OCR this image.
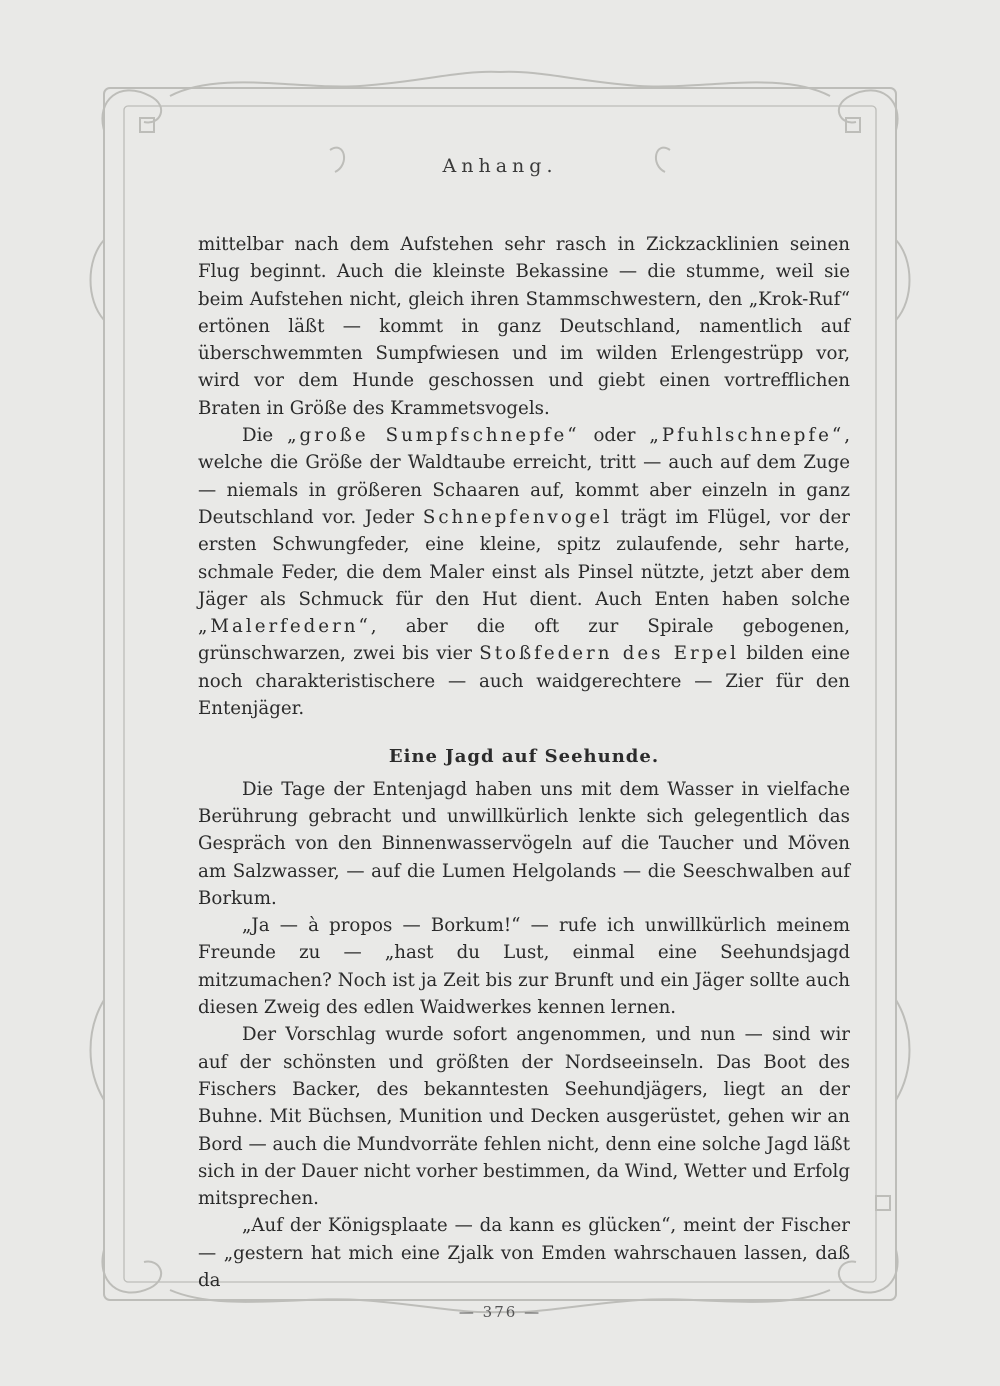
Anhang.

mittelbar nach dem Aufstehen sehr rasch in Zickzacklinien seinen Flug beginnt. Auch die kleinste Bekassine — die stumme, weil sie beim Aufstehen nicht, gleich ihren Stammschwestern, den „Krok-Ruf“ ertönen läßt — kommt in ganz Deutschland, namentlich auf überschwemmten Sumpfwiesen und im wilden Erlengestrüpp vor, wird vor dem Hunde geschossen und giebt einen vortrefflichen Braten in Größe des Krammetsvogels.

Die „große Sumpfschnepfe“ oder „Pfuhlschnepfe“, welche die Größe der Waldtaube erreicht, tritt — auch auf dem Zuge — niemals in größeren Schaaren auf, kommt aber einzeln in ganz Deutschland vor. Jeder Schnepfenvogel trägt im Flügel, vor der ersten Schwungfeder, eine kleine, spitz zulaufende, sehr harte, schmale Feder, die dem Maler einst als Pinsel nützte, jetzt aber dem Jäger als Schmuck für den Hut dient. Auch Enten haben solche „Malerfedern“, aber die oft zur Spirale gebogenen, grünschwarzen, zwei bis vier Stoßfedern des Erpel bilden eine noch charakteristischere — auch waidgerechtere — Zier für den Entenjäger.

Eine Jagd auf Seehunde.

Die Tage der Entenjagd haben uns mit dem Wasser in vielfache Berührung gebracht und unwillkürlich lenkte sich gelegentlich das Gespräch von den Binnenwasservögeln auf die Taucher und Möven am Salzwasser, — auf die Lumen Helgolands — die Seeschwalben auf Borkum.

„Ja — à propos — Borkum!“ — rufe ich unwillkürlich meinem Freunde zu — „hast du Lust, einmal eine Seehundsjagd mitzumachen? Noch ist ja Zeit bis zur Brunft und ein Jäger sollte auch diesen Zweig des edlen Waidwerkes kennen lernen.

Der Vorschlag wurde sofort angenommen, und nun — sind wir auf der schönsten und größten der Nordseeinseln. Das Boot des Fischers Backer, des bekanntesten Seehundjägers, liegt an der Buhne. Mit Büchsen, Munition und Decken ausgerüstet, gehen wir an Bord — auch die Mundvorräte fehlen nicht, denn eine solche Jagd läßt sich in der Dauer nicht vorher bestimmen, da Wind, Wetter und Erfolg mitsprechen.

„Auf der Königsplaate — da kann es glücken“, meint der Fischer — „gestern hat mich eine Zjalk von Emden wahrschauen lassen, daß da

— 376 —
